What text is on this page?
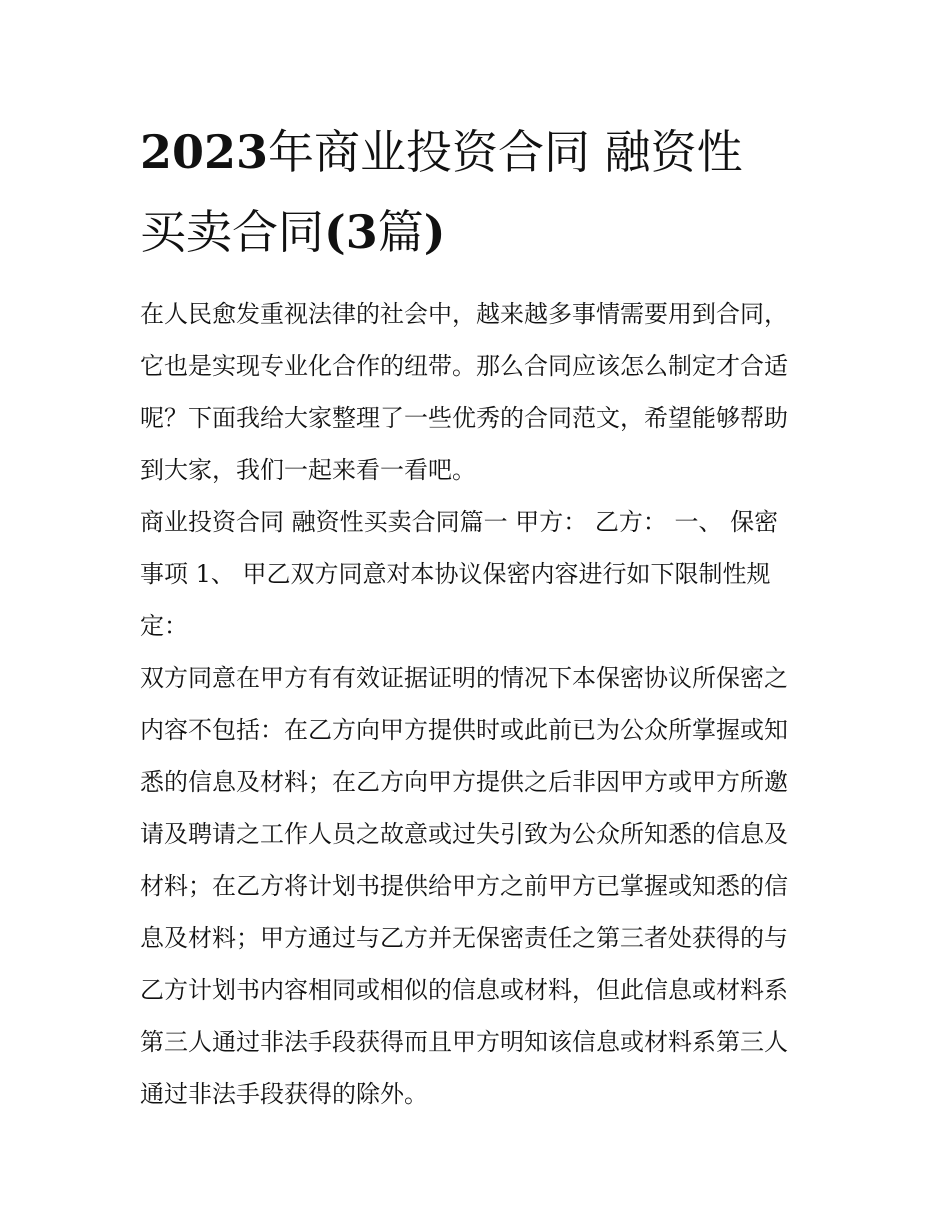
2023年商业投资合同 融资性
买卖合同(3篇)

在人民愈发重视法律的社会中，越来越多事情需要用到合同，
它也是实现专业化合作的纽带。那么合同应该怎么制定才合适
呢？下面我给大家整理了一些优秀的合同范文，希望能够帮助
到大家，我们一起来看一看吧。

商业投资合同 融资性买卖合同篇一 甲方： 乙方： 一、 保密
事项 1、 甲乙双方同意对本协议保密内容进行如下限制性规
定：

双方同意在甲方有有效证据证明的情况下本保密协议所保密之
内容不包括：在乙方向甲方提供时或此前已为公众所掌握或知
悉的信息及材料；在乙方向甲方提供之后非因甲方或甲方所邀
请及聘请之工作人员之故意或过失引致为公众所知悉的信息及
材料；在乙方将计划书提供给甲方之前甲方已掌握或知悉的信
息及材料；甲方通过与乙方并无保密责任之第三者处获得的与
乙方计划书内容相同或相似的信息或材料，但此信息或材料系
第三人通过非法手段获得而且甲方明知该信息或材料系第三人
通过非法手段获得的除外。
